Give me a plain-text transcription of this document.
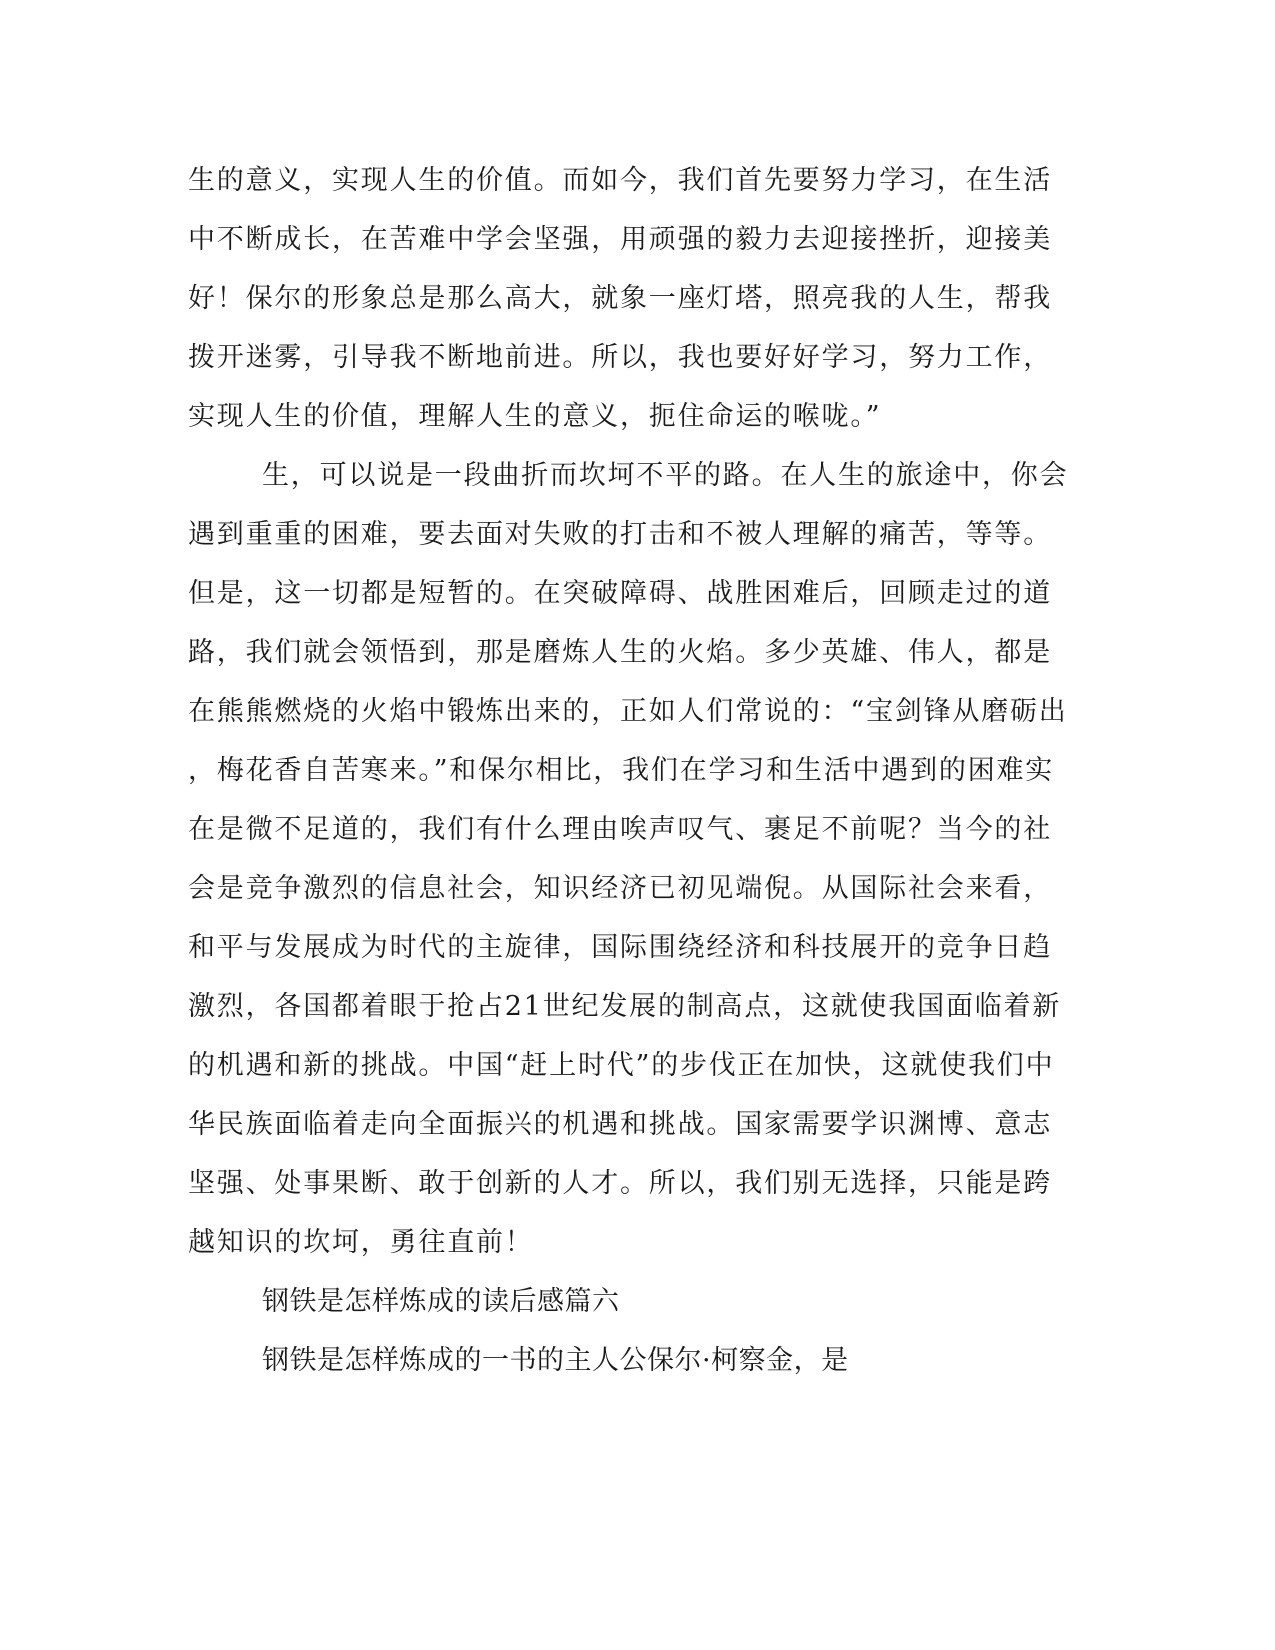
生的意义，实现人生的价值。而如今，我们首先要努力学习，在生活
中不断成长，在苦难中学会坚强，用顽强的毅力去迎接挫折，迎接美
好！保尔的形象总是那么高大，就象一座灯塔，照亮我的人生，帮我
拨开迷雾，引导我不断地前进。所以，我也要好好学习，努力工作，
实现人生的价值，理解人生的意义，扼住命运的喉咙。”
生，可以说是一段曲折而坎坷不平的路。在人生的旅途中，你会
遇到重重的困难，要去面对失败的打击和不被人理解的痛苦，等等。
但是，这一切都是短暂的。在突破障碍、战胜困难后，回顾走过的道
路，我们就会领悟到，那是磨炼人生的火焰。多少英雄、伟人，都是
在熊熊燃烧的火焰中锻炼出来的，正如人们常说的：“宝剑锋从磨砺出
，梅花香自苦寒来。”和保尔相比，我们在学习和生活中遇到的困难实
在是微不足道的，我们有什么理由唉声叹气、裹足不前呢？当今的社
会是竞争激烈的信息社会，知识经济已初见端倪。从国际社会来看，
和平与发展成为时代的主旋律，国际围绕经济和科技展开的竞争日趋
激烈，各国都着眼于抢占21世纪发展的制高点，这就使我国面临着新
的机遇和新的挑战。中国“赶上时代”的步伐正在加快，这就使我们中
华民族面临着走向全面振兴的机遇和挑战。国家需要学识渊博、意志
坚强、处事果断、敢于创新的人才。所以，我们别无选择，只能是跨
越知识的坎坷，勇往直前！
钢铁是怎样炼成的读后感篇六
钢铁是怎样炼成的一书的主人公保尔·柯察金，是
